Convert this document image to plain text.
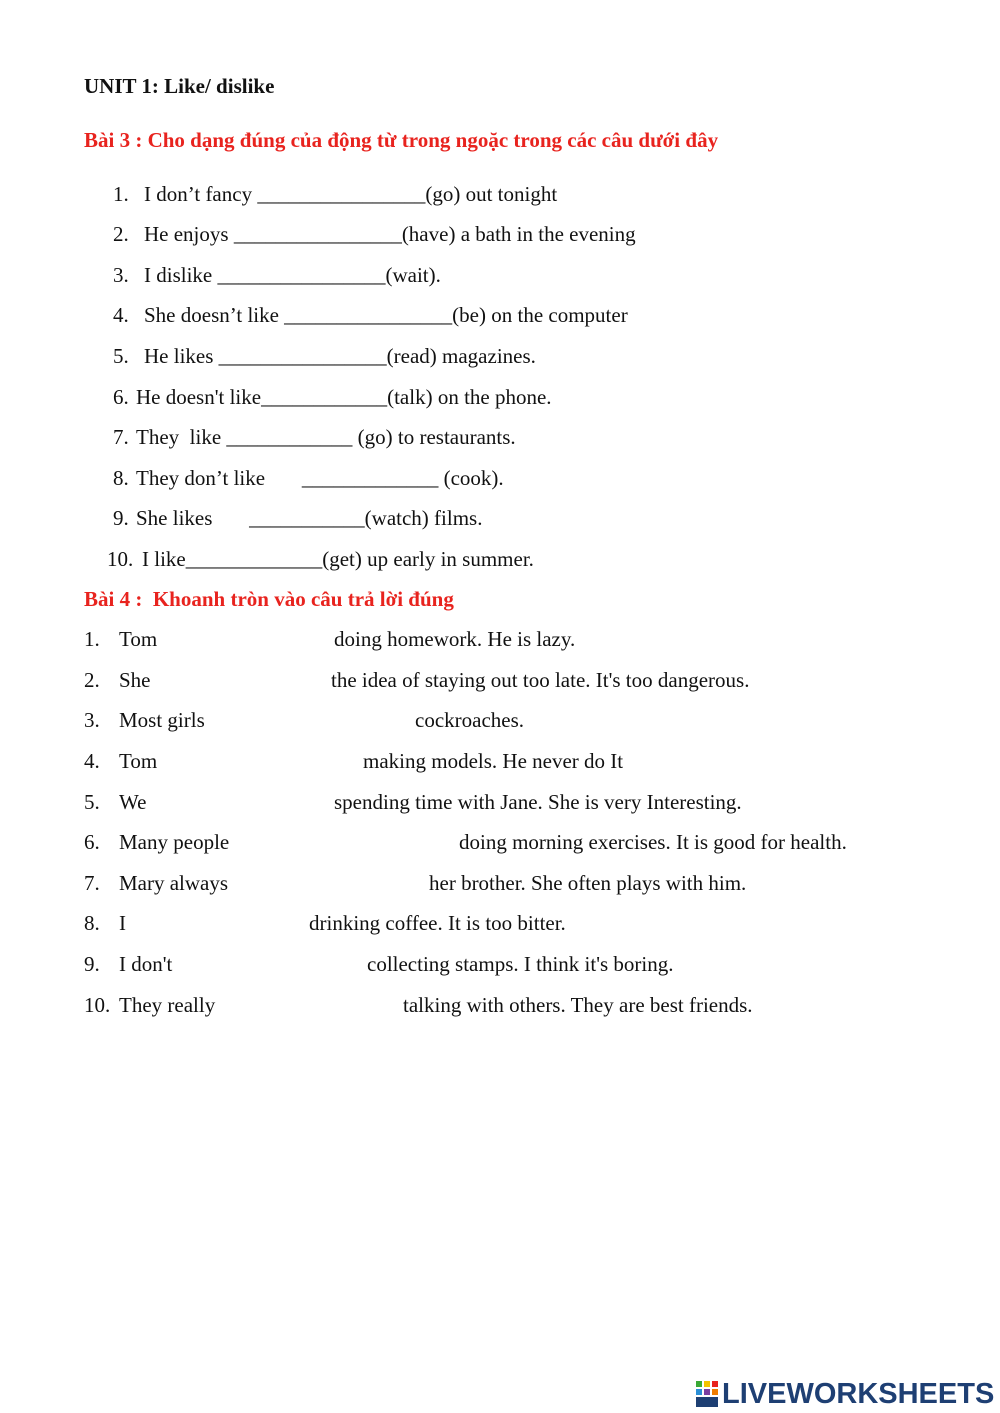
UNIT 1: Like/ dislike
Bài 3 : Cho dạng đúng của động từ trong ngoặc trong các câu dưới đây
1. I don’t fancy ________________(go) out tonight
2. He enjoys ________________(have) a bath in the evening
3. I dislike ________________(wait).
4. She doesn’t like ________________(be) on the computer
5. He likes ________________(read) magazines.
6. He doesn't like____________(talk) on the phone.
7. They  like ____________ (go) to restaurants.
8. They don’t like       _____________ (cook).
9. She likes       ___________(watch) films.
10. I like_____________(get) up early in summer.
Bài 4 :  Khoanh tròn vào câu trả lời đúng
1. Tom	doing homework. He is lazy.
2. She	the idea of staying out too late. It's too dangerous.
3. Most girls	cockroaches.
4. Tom	making models. He never do It
5. We	spending time with Jane. She is very Interesting.
6. Many people	doing morning exercises. It is good for health.
7. Mary always	her brother. She often plays with him.
8. I	drinking coffee. It is too bitter.
9. I don't	collecting stamps. I think it's boring.
10. They really	talking with others. They are best friends.
LIVEWORKSHEETS
